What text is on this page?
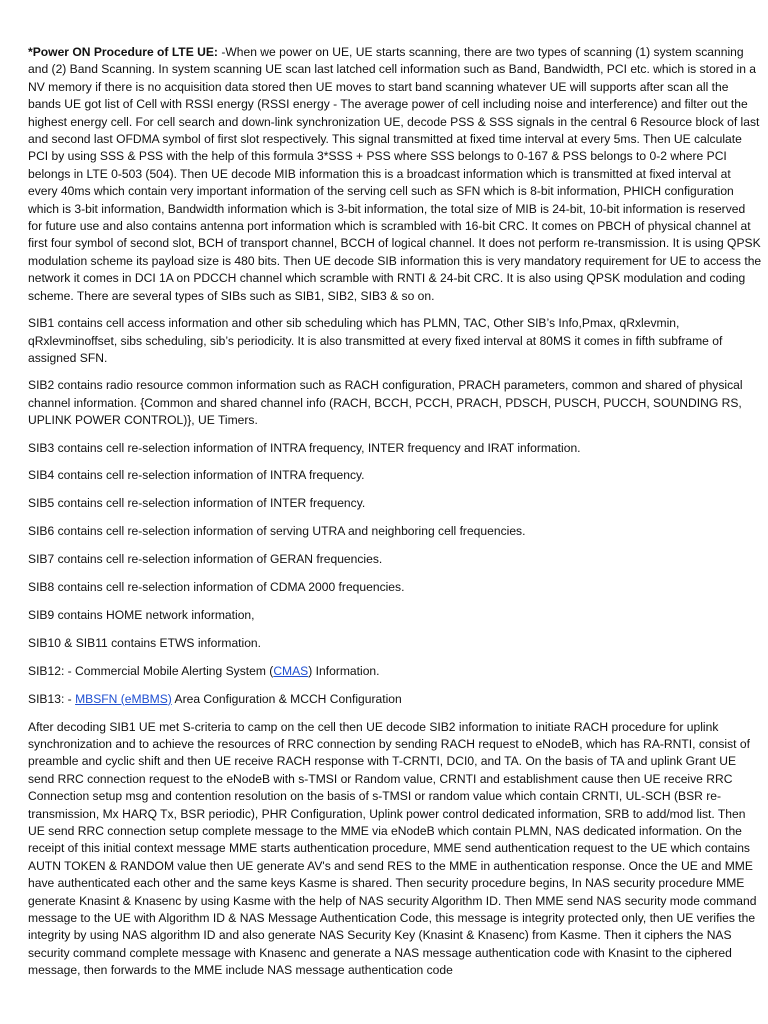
*Power ON Procedure of LTE UE: -When we power on UE, UE starts scanning, there are two types of scanning (1) system scanning and (2) Band Scanning. In system scanning UE scan last latched cell information such as Band, Bandwidth, PCI etc. which is stored in a NV memory if there is no acquisition data stored then UE moves to start band scanning whatever UE will supports after scan all the bands UE got list of Cell with RSSI energy (RSSI energy - The average power of cell including noise and interference) and filter out the highest energy cell. For cell search and down-link synchronization UE, decode PSS & SSS signals in the central 6 Resource block of last and second last OFDMA symbol of first slot respectively. This signal transmitted at fixed time interval at every 5ms. Then UE calculate PCI by using SSS & PSS with the help of this formula 3*SSS + PSS where SSS belongs to 0-167 & PSS belongs to 0-2 where PCI belongs in LTE 0-503 (504). Then UE decode MIB information this is a broadcast information which is transmitted at fixed interval at every 40ms which contain very important information of the serving cell such as SFN which is 8-bit information, PHICH configuration which is 3-bit information, Bandwidth information which is 3-bit information, the total size of MIB is 24-bit, 10-bit information is reserved for future use and also contains antenna port information which is scrambled with 16-bit CRC. It comes on PBCH of physical channel at first four symbol of second slot, BCH of transport channel, BCCH of logical channel. It does not perform re-transmission. It is using QPSK modulation scheme its payload size is 480 bits. Then UE decode SIB information this is very mandatory requirement for UE to access the network it comes in DCI 1A on PDCCH channel which scramble with RNTI & 24-bit CRC. It is also using QPSK modulation and coding scheme. There are several types of SIBs such as SIB1, SIB2, SIB3 & so on.

SIB1 contains cell access information and other sib scheduling which has PLMN, TAC, Other SIB’s Info,Pmax, qRxlevmin, qRxlevminoffset, sibs scheduling, sib’s periodicity. It is also transmitted at every fixed interval at 80MS it comes in fifth subframe of assigned SFN.

SIB2 contains radio resource common information such as RACH configuration, PRACH parameters, common and shared of physical channel information. {Common and shared channel info (RACH, BCCH, PCCH, PRACH, PDSCH, PUSCH, PUCCH, SOUNDING RS, UPLINK POWER CONTROL)}, UE Timers.

SIB3 contains cell re-selection information of INTRA frequency, INTER frequency and IRAT information.

SIB4 contains cell re-selection information of INTRA frequency.

SIB5 contains cell re-selection information of INTER frequency.

SIB6 contains cell re-selection information of serving UTRA and neighboring cell frequencies.

SIB7 contains cell re-selection information of GERAN frequencies.

SIB8 contains cell re-selection information of CDMA 2000 frequencies.

SIB9 contains HOME network information,

SIB10 & SIB11 contains ETWS information.

SIB12: - Commercial Mobile Alerting System (CMAS) Information.

SIB13: - MBSFN (eMBMS) Area Configuration & MCCH Configuration

After decoding SIB1 UE met S-criteria to camp on the cell then UE decode SIB2 information to initiate RACH procedure for uplink synchronization and to achieve the resources of RRC connection by sending RACH request to eNodeB, which has RA-RNTI, consist of preamble and cyclic shift and then UE receive RACH response with T-CRNTI, DCI0, and TA. On the basis of TA and uplink Grant UE send RRC connection request to the eNodeB with s-TMSI or Random value, CRNTI and establishment cause then UE receive RRC Connection setup msg and contention resolution on the basis of s-TMSI or random value which contain CRNTI, UL-SCH (BSR re-transmission, Mx HARQ Tx, BSR periodic), PHR Configuration, Uplink power control dedicated information, SRB to add/mod list. Then UE send RRC connection setup complete message to the MME via eNodeB which contain PLMN, NAS dedicated information. On the receipt of this initial context message MME starts authentication procedure, MME send authentication request to the UE which contains AUTN TOKEN & RANDOM value then UE generate AV's and send RES to the MME in authentication response. Once the UE and MME have authenticated each other and the same keys Kasme is shared. Then security procedure begins, In NAS security procedure MME generate Knasint & Knasenc by using Kasme with the help of NAS security Algorithm ID. Then MME send NAS security mode command message to the UE with Algorithm ID & NAS Message Authentication Code, this message is integrity protected only, then UE verifies the integrity by using NAS algorithm ID and also generate NAS Security Key (Knasint & Knasenc) from Kasme. Then it ciphers the NAS security command complete message with Knasenc and generate a NAS message authentication code with Knasint to the ciphered message, then forwards to the MME include NAS message authentication code
